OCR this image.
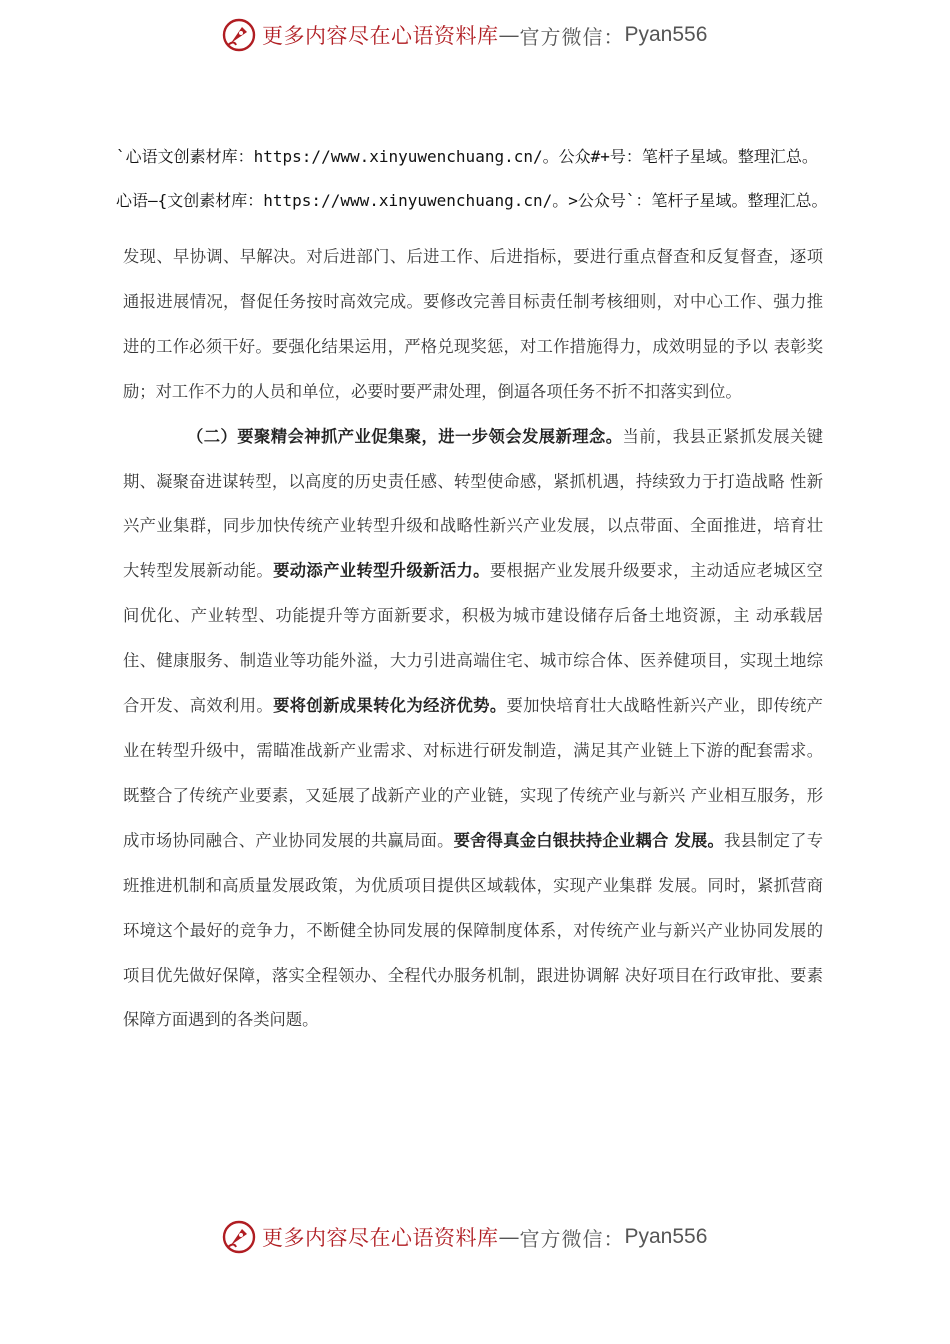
更多内容尽在心语资料库 — 官方微信： Pyan556
`心语文创素材库：https://www.xinyuwenchuang.cn/。公众#+号：笔杆子星域。整理汇总。
心语—{文创素材库：https://www.xinyuwenchuang.cn/。>公众号`：笔杆子星域。整理汇总。

发现、早协调、早解决。对后进部门、后进工作、后进指标，要进行重点督查和反复督查，逐项通报进展情况，督促任务按时高效完成。要修改完善目标责任制考核细则，对中心工作、强力推进的工作必须干好。要强化结果运用，严格兑现奖惩，对工作措施得力，成效明显的予以 表彰奖励；对工作不力的人员和单位，必要时要严肃处理，倒逼各项任务不折不扣落实到位。

（二）要聚精会神抓产业促集聚，进一步领会发展新理念。当前，我县正紧抓发展关键期、凝聚奋进谋转型，以高度的历史责任感、转型使命感，紧抓机遇，持续致力于打造战略 性新兴产业集群，同步加快传统产业转型升级和战略性新兴产业发展，以点带面、全面推进，培育壮大转型发展新动能。要动添产业转型升级新活力。要根据产业发展升级要求，主动适应老城区空间优化、产业转型、功能提升等方面新要求，积极为城市建设储存后备土地资源，主 动承载居住、健康服务、制造业等功能外溢，大力引进高端住宅、城市综合体、医养健项目，实现土地综合开发、高效利用。要将创新成果转化为经济优势。要加快培育壮大战略性新兴产业，即传统产业在转型升级中，需瞄准战新产业需求、对标进行研发制造，满足其产业链上下游的配套需求。既整合了传统产业要素，又延展了战新产业的产业链，实现了传统产业与新兴 产业相互服务，形成市场协同融合、产业协同发展的共赢局面。要舍得真金白银扶持企业耦合 发展。我县制定了专班推进机制和高质量发展政策，为优质项目提供区域载体，实现产业集群 发展。同时，紧抓营商环境这个最好的竞争力，不断健全协同发展的保障制度体系，对传统产业与新兴产业协同发展的项目优先做好保障，落实全程领办、全程代办服务机制，跟进协调解 决好项目在行政审批、要素保障方面遇到的各类问题。

更多内容尽在心语资料库 — 官方微信： Pyan556
